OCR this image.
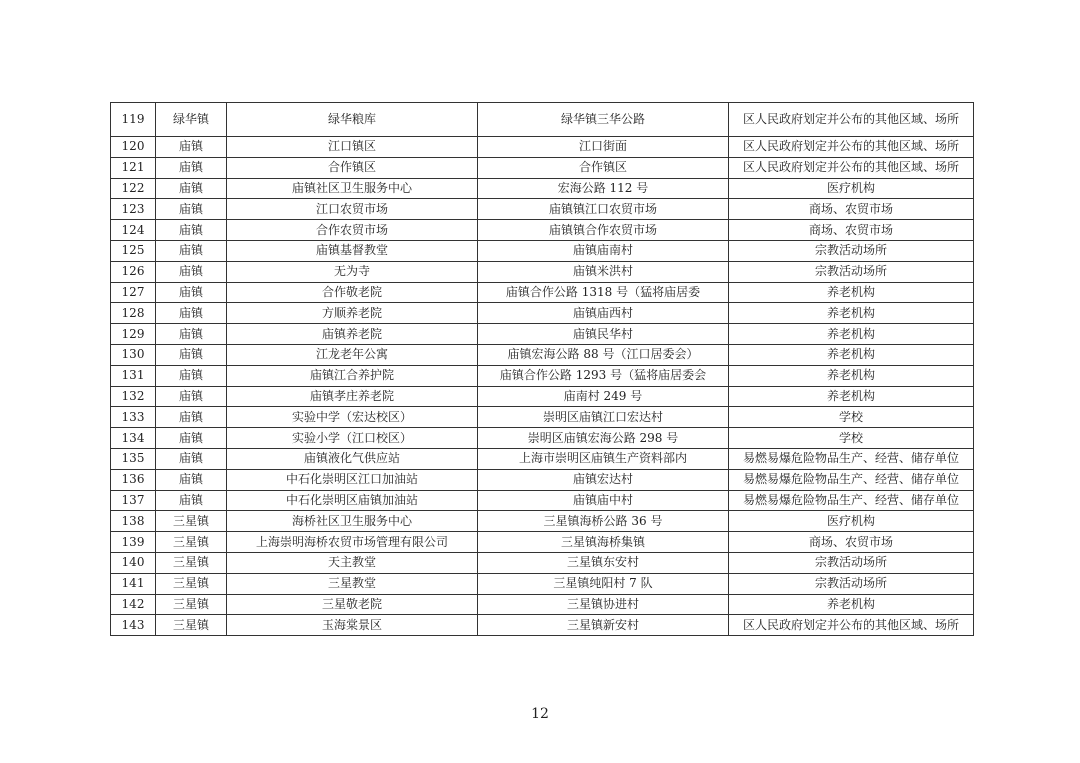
119	绿华镇	绿华粮库	绿华镇三华公路	区人民政府划定并公布的其他区域、场所
120	庙镇	江口镇区	江口街面	区人民政府划定并公布的其他区域、场所
121	庙镇	合作镇区	合作镇区	区人民政府划定并公布的其他区域、场所
122	庙镇	庙镇社区卫生服务中心	宏海公路 112 号	医疗机构
123	庙镇	江口农贸市场	庙镇镇江口农贸市场	商场、农贸市场
124	庙镇	合作农贸市场	庙镇镇合作农贸市场	商场、农贸市场
125	庙镇	庙镇基督教堂	庙镇庙南村	宗教活动场所
126	庙镇	无为寺	庙镇米洪村	宗教活动场所
127	庙镇	合作敬老院	庙镇合作公路 1318 号（猛将庙居委	养老机构
128	庙镇	方顺养老院	庙镇庙西村	养老机构
129	庙镇	庙镇养老院	庙镇民华村	养老机构
130	庙镇	江龙老年公寓	庙镇宏海公路 88 号（江口居委会）	养老机构
131	庙镇	庙镇江合养护院	庙镇合作公路 1293 号（猛将庙居委会	养老机构
132	庙镇	庙镇孝庄养老院	庙南村 249 号	养老机构
133	庙镇	实验中学（宏达校区）	崇明区庙镇江口宏达村	学校
134	庙镇	实验小学（江口校区）	崇明区庙镇宏海公路 298 号	学校
135	庙镇	庙镇液化气供应站	上海市崇明区庙镇生产资料部内	易燃易爆危险物品生产、经营、储存单位
136	庙镇	中石化崇明区江口加油站	庙镇宏达村	易燃易爆危险物品生产、经营、储存单位
137	庙镇	中石化崇明区庙镇加油站	庙镇庙中村	易燃易爆危险物品生产、经营、储存单位
138	三星镇	海桥社区卫生服务中心	三星镇海桥公路 36 号	医疗机构
139	三星镇	上海崇明海桥农贸市场管理有限公司	三星镇海桥集镇	商场、农贸市场
140	三星镇	天主教堂	三星镇东安村	宗教活动场所
141	三星镇	三星教堂	三星镇纯阳村 7 队	宗教活动场所
142	三星镇	三星敬老院	三星镇协进村	养老机构
143	三星镇	玉海棠景区	三星镇新安村	区人民政府划定并公布的其他区域、场所
12
